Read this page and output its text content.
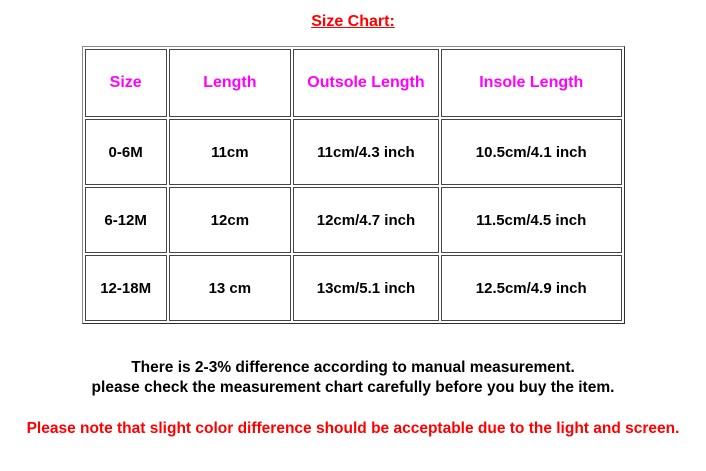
Size Chart:
Size	Length	Outsole Length	Insole Length
0-6M	11cm	11cm/4.3 inch	10.5cm/4.1 inch
6-12M	12cm	12cm/4.7 inch	11.5cm/4.5 inch
12-18M	13 cm	13cm/5.1 inch	12.5cm/4.9 inch
There is 2-3% difference according to manual measurement.
please check the measurement chart carefully before you buy the item.
Please note that slight color difference should be acceptable due to the light and screen.
